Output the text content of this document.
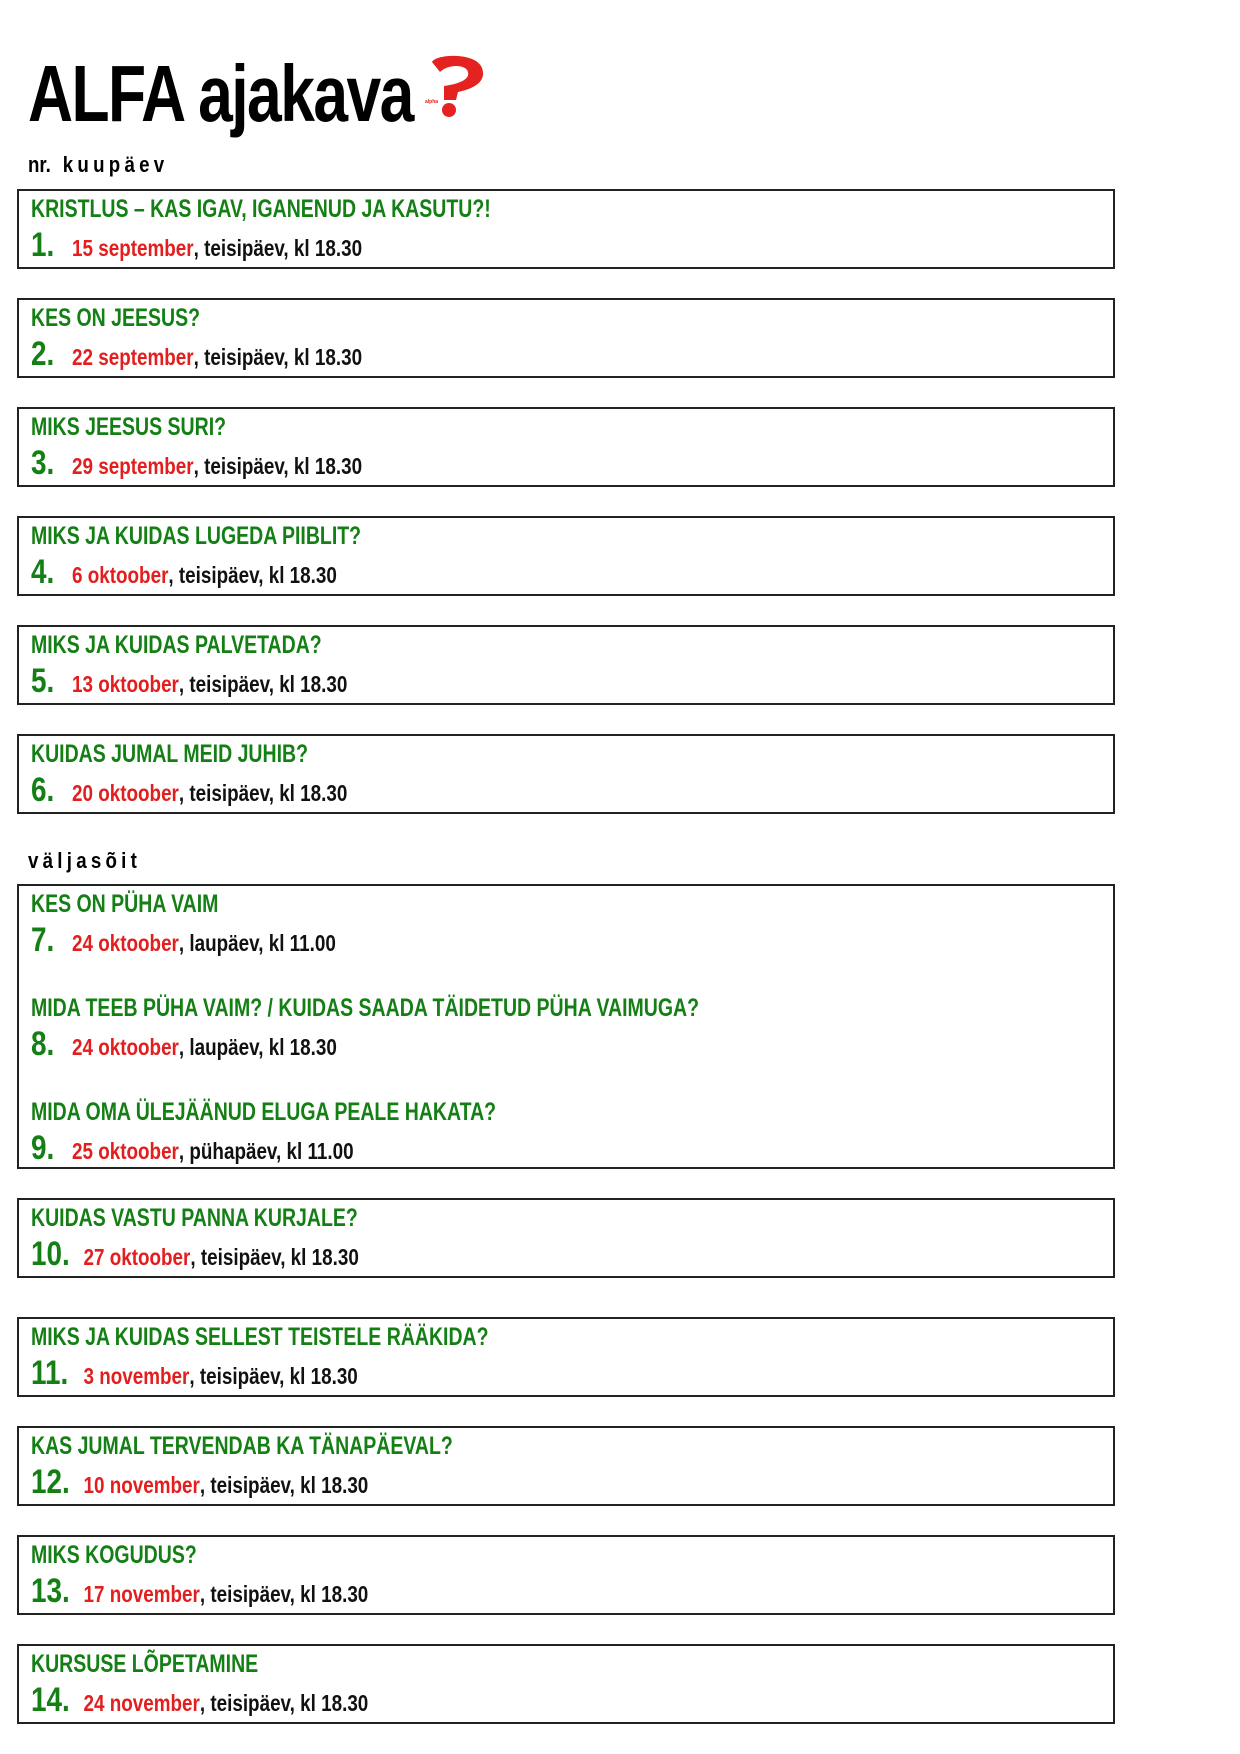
ALFA ajakava alpha
nr. kuupäev
KRISTLUS – KAS IGAV, IGANENUD JA KASUTU?!
1. 15 september , teisipäev, kl 18.30
KES ON JEESUS?
2. 22 september , teisipäev, kl 18.30
MIKS JEESUS SURI?
3. 29 september , teisipäev, kl 18.30
MIKS JA KUIDAS LUGEDA PIIBLIT?
4. 6 oktoober , teisipäev, kl 18.30
MIKS JA KUIDAS PALVETADA?
5. 13 oktoober , teisipäev, kl 18.30
KUIDAS JUMAL MEID JUHIB?
6. 20 oktoober , teisipäev, kl 18.30
väljasõit
KES ON PÜHA VAIM
7. 24 oktoober , laupäev, kl 11.00
MIDA TEEB PÜHA VAIM? / KUIDAS SAADA TÄIDETUD PÜHA VAIMUGA?
8. 24 oktoober , laupäev, kl 18.30
MIDA OMA ÜLEJÄÄNUD ELUGA PEALE HAKATA?
9. 25 oktoober , pühapäev, kl 11.00
KUIDAS VASTU PANNA KURJALE?
10. 27 oktoober , teisipäev, kl 18.30
MIKS JA KUIDAS SELLEST TEISTELE RÄÄKIDA?
11. 3 november , teisipäev, kl 18.30
KAS JUMAL TERVENDAB KA TÄNAPÄEVAL?
12. 10 november , teisipäev, kl 18.30
MIKS KOGUDUS?
13. 17 november , teisipäev, kl 18.30
KURSUSE LÕPETAMINE
14. 24 november , teisipäev, kl 18.30
